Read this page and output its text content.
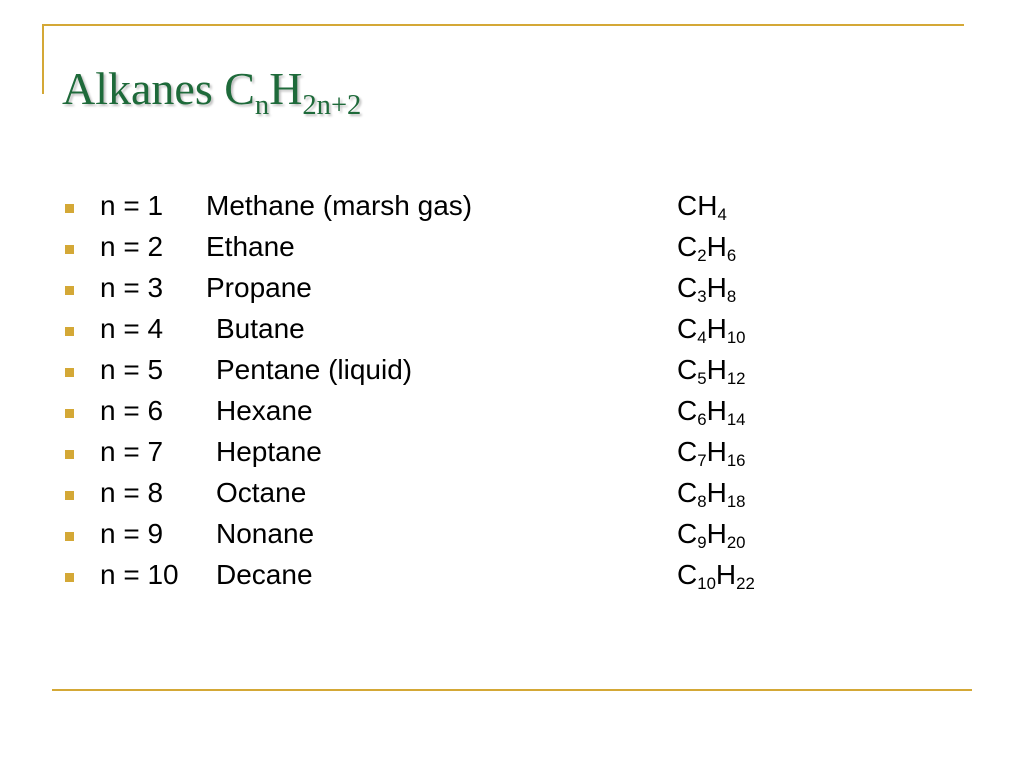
Alkanes $C_nH_{2n+2}$
n = 1 Methane (marsh gas)	$CH_4$
n = 2 Ethane	$C_2H_6$
n = 3 Propane	$C_3H_8$
n = 4 Butane	$C_4H_{10}$
n = 5 Pentane (liquid)	$C_5H_{12}$
n = 6 Hexane	$C_6H_{14}$
n = 7 Heptane	$C_7H_{16}$
n = 8 Octane	$C_8H_{18}$
n = 9 Nonane	$C_9H_{20}$
n = 10 Decane	$C_{10}H_{22}$
